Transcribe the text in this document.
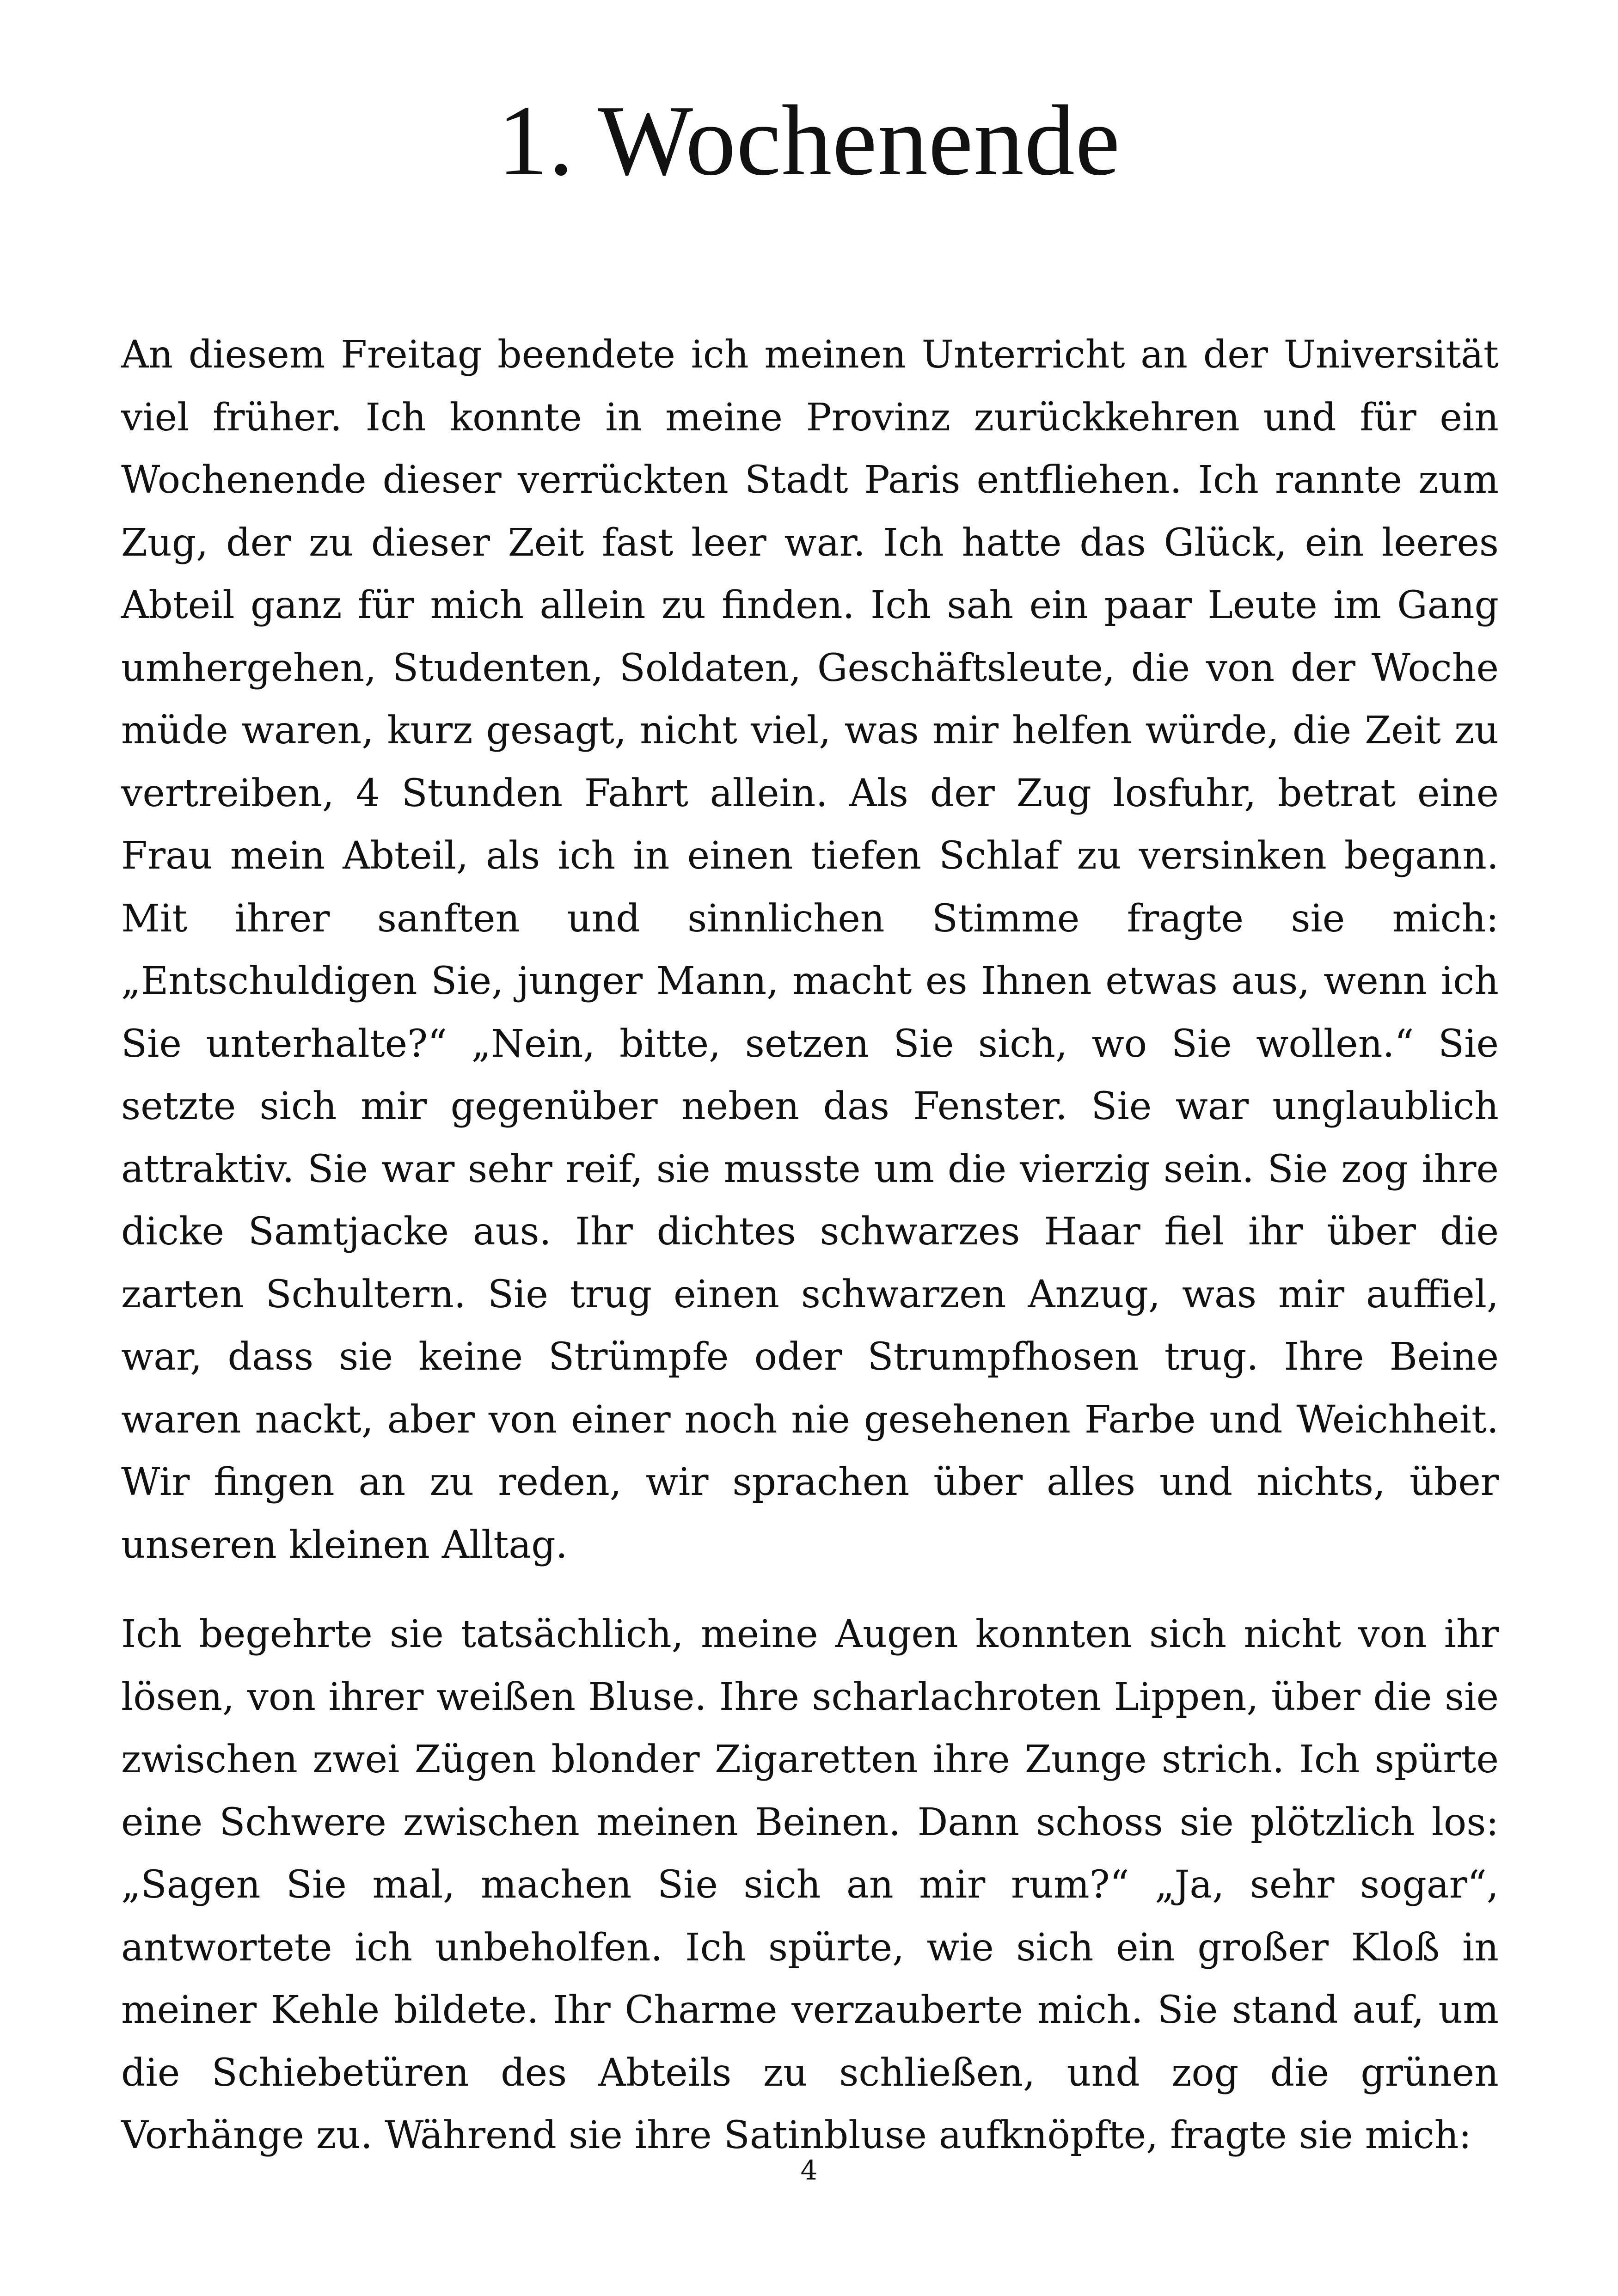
1. Wochenende

An diesem Freitag beendete ich meinen Unterricht an der Universität viel früher. Ich konnte in meine Provinz zurückkehren und für ein Wochenende dieser verrückten Stadt Paris entfliehen. Ich rannte zum Zug, der zu dieser Zeit fast leer war. Ich hatte das Glück, ein leeres Abteil ganz für mich allein zu finden. Ich sah ein paar Leute im Gang umhergehen, Studenten, Soldaten, Geschäftsleute, die von der Woche müde waren, kurz gesagt, nicht viel, was mir helfen würde, die Zeit zu vertreiben, 4 Stunden Fahrt allein. Als der Zug losfuhr, betrat eine Frau mein Abteil, als ich in einen tiefen Schlaf zu versinken begann. Mit ihrer sanften und sinnlichen Stimme fragte sie mich: „Entschuldigen Sie, junger Mann, macht es Ihnen etwas aus, wenn ich Sie unterhalte?“ „Nein, bitte, setzen Sie sich, wo Sie wollen.“ Sie setzte sich mir gegenüber neben das Fenster. Sie war unglaublich attraktiv. Sie war sehr reif, sie musste um die vierzig sein. Sie zog ihre dicke Samtjacke aus. Ihr dichtes schwarzes Haar fiel ihr über die zarten Schultern. Sie trug einen schwarzen Anzug, was mir auffiel, war, dass sie keine Strümpfe oder Strumpfhosen trug. Ihre Beine waren nackt, aber von einer noch nie gesehenen Farbe und Weichheit. Wir fingen an zu reden, wir sprachen über alles und nichts, über unseren kleinen Alltag.

Ich begehrte sie tatsächlich, meine Augen konnten sich nicht von ihr lösen, von ihrer weißen Bluse. Ihre scharlachroten Lippen, über die sie zwischen zwei Zügen blonder Zigaretten ihre Zunge strich. Ich spürte eine Schwere zwischen meinen Beinen. Dann schoss sie plötzlich los: „Sagen Sie mal, machen Sie sich an mir rum?“ „Ja, sehr sogar“, antwortete ich unbeholfen. Ich spürte, wie sich ein großer Kloß in meiner Kehle bildete. Ihr Charme verzauberte mich. Sie stand auf, um die Schiebetüren des Abteils zu schließen, und zog die grünen Vorhänge zu. Während sie ihre Satinbluse aufknöpfte, fragte sie mich:

4
